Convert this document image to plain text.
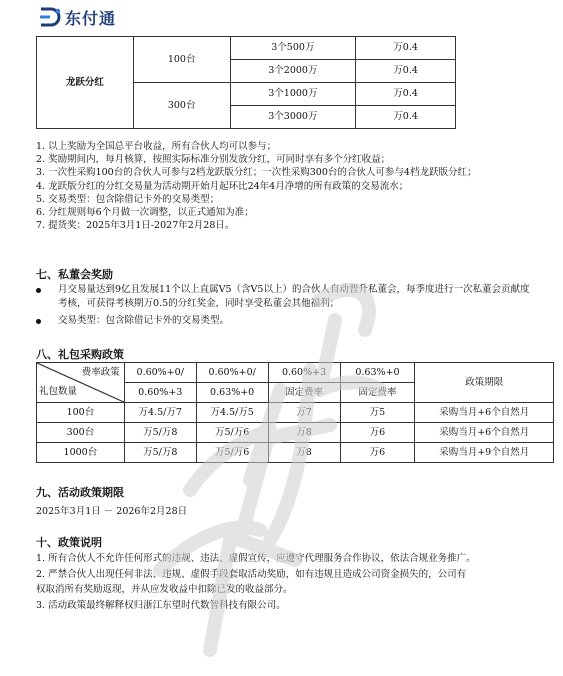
东付通
龙跃分红	100台	3个500万	万0.4
		3个2000万	万0.4
	300台	3个1000万	万0.4
		3个3000万	万0.4
1. 以上奖励为全国总平台收益，所有合伙人均可以参与；
2. 奖励期间内，每月核算，按照实际标准分别发放分红，可同时享有多个分红收益；
3. 一次性采购100台的合伙人可参与2档龙跃版分红；一次性采购300台的合伙人可参与4档龙跃版分红；
4. 龙跃版分红的分红交易量为活动期开始月起环比24年4月净增的所有政策的交易流水；
5. 交易类型：包含除借记卡外的交易类型；
6. 分红规则每6个月做一次调整，以正式通知为准；
7. 提货奖：2025年3月1日-2027年2月28日。
七、私董会奖励
月交易量达到9亿且发展11个以上直属V5（含V5以上）的合伙人自动晋升私董会，每季度进行一次私董会贡献度考核，可获得考核期万0.5的分红奖金，同时享受私董会其他福利；
交易类型：包含除借记卡外的交易类型。
八、礼包采购政策
费率政策
礼包数量	0.60%+0/	0.60%+0/	0.60%+3	0.63%+0	政策期限
	0.60%+3	0.63%+0	固定费率	固定费率	
100台	万4.5/万7	万4.5/万5	万7	万5	采购当月+6个自然月
300台	万5/万8	万5/万6	万8	万6	采购当月+6个自然月
1000台	万5/万8	万5/万6	万8	万6	采购当月+9个自然月
九、活动政策期限
2025年3月1日 － 2026年2月28日
十、政策说明
1. 所有合伙人不允许任何形式的违规、违法、虚假宣传，应遵守代理服务合作协议，依法合规业务推广。
2. 严禁合伙人出现任何非法、违规、虚假手段套取活动奖励，如有违规且造成公司资金损失的，公司有
权取消所有奖励返现，并从应发收益中扣除已发的收益部分。
3. 活动政策最终解释权归浙江东望时代数智科技有限公司。
